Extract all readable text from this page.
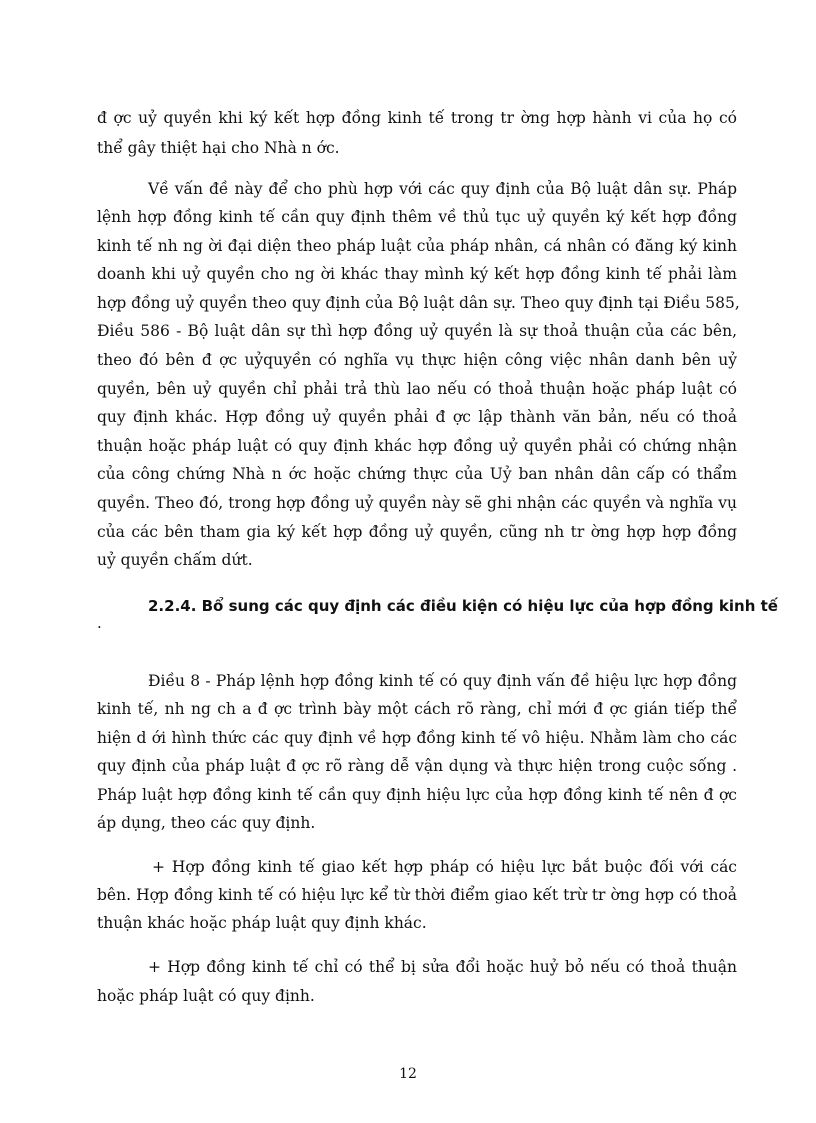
đ ợc uỷ quyền khi ký kết hợp đồng kinh tế trong tr ờng hợp hành vi của họ có
thể gây thiệt hại cho Nhà n ớc.
Về vấn đề này để cho phù hợp với các quy định của Bộ luật dân sự. Pháp
lệnh hợp đồng kinh tế cần quy định thêm về thủ tục uỷ quyền ký kết hợp đồng
kinh tế nh ng ời đại diện theo pháp luật của pháp nhân, cá nhân có đăng ký kinh
doanh khi uỷ quyền cho ng ời khác thay mình ký kết hợp đồng kinh tế phải làm
hợp đồng uỷ quyền theo quy định của Bộ luật dân sự. Theo quy định tại Điều 585,
Điều 586 - Bộ luật dân sự thì hợp đồng uỷ quyền là sự thoả thuận của các bên,
theo đó bên đ ợc uỷquyền có nghĩa vụ thực hiện công việc nhân danh bên uỷ
quyền, bên uỷ quyền chỉ phải trả thù lao nếu có thoả thuận hoặc pháp luật có
quy định khác. Hợp đồng uỷ quyền phải đ ợc lập thành văn bản, nếu có thoả
thuận hoặc pháp luật có quy định khác hợp đồng uỷ quyền phải có chứng nhận
của công chứng Nhà n ớc hoặc chứng thực của Uỷ ban nhân dân cấp có thẩm
quyền. Theo đó, trong hợp đồng uỷ quyền này sẽ ghi nhận các quyền và nghĩa vụ
của các bên tham gia ký kết hợp đồng uỷ quyền, cũng nh tr ờng hợp hợp đồng
uỷ quyền chấm dứt.
2.2.4. Bổ sung các quy định các điều kiện có hiệu lực của hợp đồng kinh tế
.
Điều 8 - Pháp lệnh hợp đồng kinh tế có quy định vấn đề hiệu lực hợp đồng
kinh tế, nh ng ch a đ ợc trình bày một cách rõ ràng, chỉ mới đ ợc gián tiếp thể
hiện d ới hình thức các quy định về hợp đồng kinh tế vô hiệu. Nhằm làm cho các
quy định của pháp luật đ ợc rõ ràng dễ vận dụng và thực hiện trong cuộc sống .
Pháp luật hợp đồng kinh tế cần quy định hiệu lực của hợp đồng kinh tế nên đ ợc
áp dụng, theo các quy định.
+ Hợp đồng kinh tế giao kết hợp pháp có hiệu lực bắt buộc đối với các
bên. Hợp đồng kinh tế có hiệu lực kể từ thời điểm giao kết trừ tr ờng hợp có thoả
thuận khác hoặc pháp luật quy định khác.
+ Hợp đồng kinh tế chỉ có thể bị sửa đổi hoặc huỷ bỏ nếu có thoả thuận
hoặc pháp luật có quy định.
12
